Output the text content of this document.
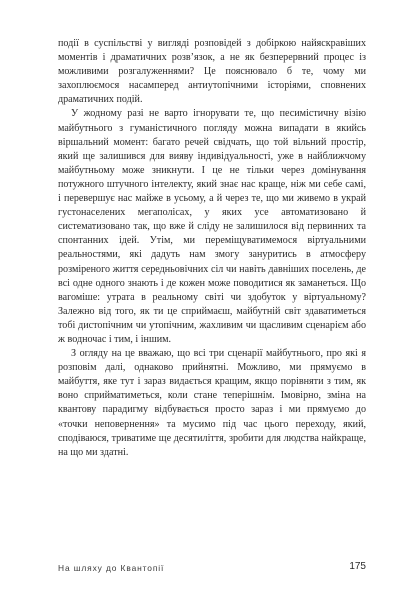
події в суспільстві у вигляді розповідей з добіркою найяскравіших моментів і драматичних розв’язок, а не як безперервний процес із можливими розгалуженнями? Це пояснювало б те, чому ми захоплюємося насамперед антиутопічними історіями, сповнених драматичних подій.

У жодному разі не варто ігнорувати те, що песимістичну візію майбутнього з гуманістичного погляду можна випадати в якийсь віршальний момент: багато речей свідчать, що той вільний простір, який ще залишився для вияву індивідуальності, уже в найближчому майбутньому може зникнути. І це не тільки через домінування потужного штучного інтелекту, який знає нас краще, ніж ми себе самі, і перевершує нас майже в усьому, а й через те, що ми живемо в украй густонаселених мегаполісах, у яких усе автоматизовано й систематизовано так, що вже й сліду не залишилося від первинних та спонтанних ідей. Утім, ми переміщуватимемося віртуальними реальностями, які дадуть нам змогу зануритись в атмосферу розміреного життя середньовічних сіл чи навіть давніших поселень, де всі одне одного знають і де кожен може поводитися як заманеться. Що вагоміше: утрата в реальному світі чи здобуток у віртуальному? Залежно від того, як ти це сприймаєш, майбутній світ здаватиметься тобі дистопічним чи утопічним, жахливим чи щасливим сценарієм або ж водночас і тим, і іншим.

З огляду на це вважаю, що всі три сценарії майбутнього, про які я розповім далі, однаково прийнятні. Можливо, ми прямуємо в майбуття, яке тут і зараз видається кращим, якщо порівняти з тим, як воно сприйматиметься, коли стане теперішнім. Імовірно, зміна на квантову парадигму відбувається просто зараз і ми прямуємо до «точки неповернення» та мусимо під час цього переходу, який, сподіваюся, триватиме ще десятиліття, зробити для людства найкраще, на що ми здатні.

На шляху до Квантопії	175
